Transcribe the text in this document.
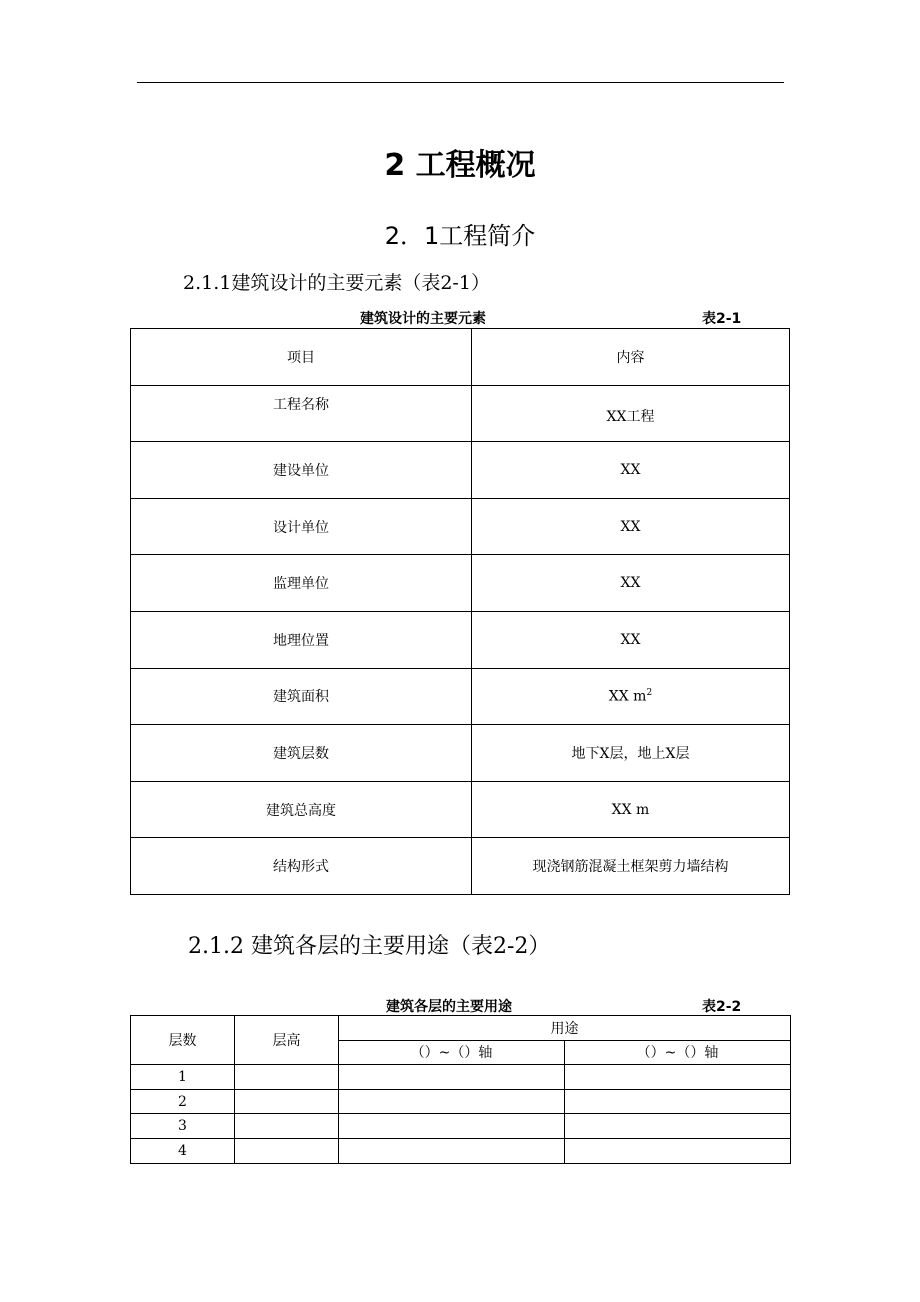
2 工程概况
2．1工程简介
2.1.1建筑设计的主要元素（表2-1）
建筑设计的主要元素	表2-1
项目	内容
工程名称	XX工程
建设单位	XX
设计单位	XX
监理单位	XX
地理位置	XX
建筑面积	XX $m^2$
建筑层数	地下X层，地上X层
建筑总高度	XX m
结构形式	现浇钢筋混凝土框架剪力墙结构
2.1.2 建筑各层的主要用途（表2-2）
建筑各层的主要用途	表2-2
层数	层高	用途	
		（）~（）轴	（）~（）轴
1			
2			
3			
4			
